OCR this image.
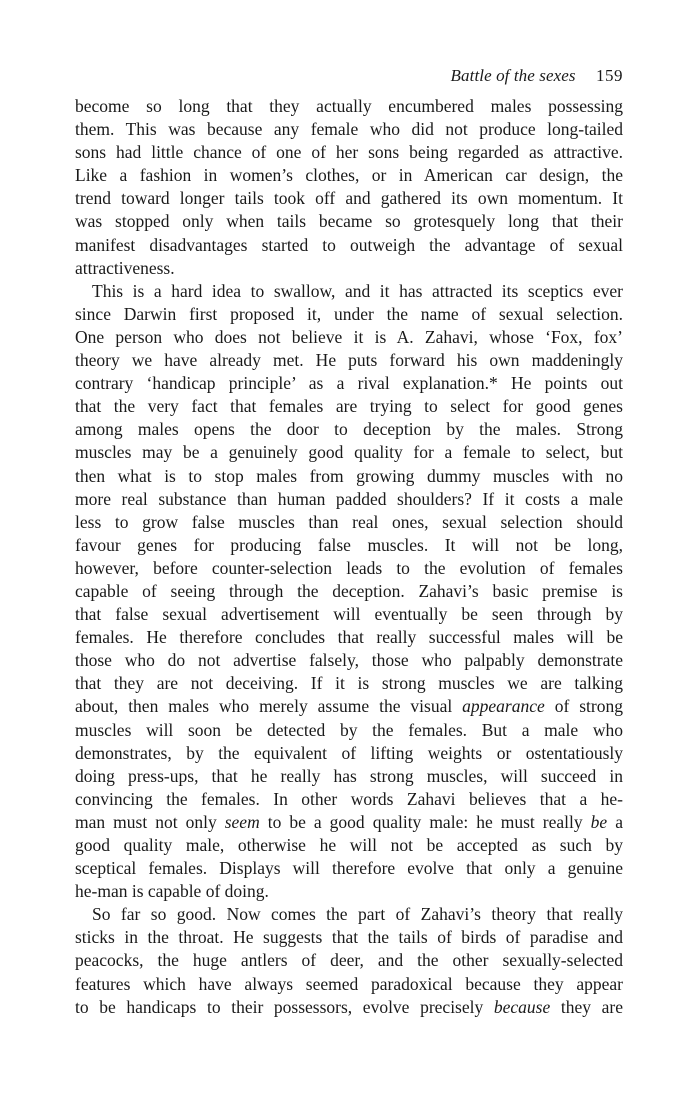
Battle of the sexes 159
become so long that they actually encumbered males possessing
them. This was because any female who did not produce long-tailed
sons had little chance of one of her sons being regarded as attractive.
Like a fashion in women’s clothes, or in American car design, the
trend toward longer tails took off and gathered its own momentum. It
was stopped only when tails became so grotesquely long that their
manifest disadvantages started to outweigh the advantage of sexual
attractiveness.
This is a hard idea to swallow, and it has attracted its sceptics ever
since Darwin first proposed it, under the name of sexual selection.
One person who does not believe it is A. Zahavi, whose ‘Fox, fox’
theory we have already met. He puts forward his own maddeningly
contrary ‘handicap principle’ as a rival explanation.* He points out
that the very fact that females are trying to select for good genes
among males opens the door to deception by the males. Strong
muscles may be a genuinely good quality for a female to select, but
then what is to stop males from growing dummy muscles with no
more real substance than human padded shoulders? If it costs a male
less to grow false muscles than real ones, sexual selection should
favour genes for producing false muscles. It will not be long,
however, before counter-selection leads to the evolution of females
capable of seeing through the deception. Zahavi’s basic premise is
that false sexual advertisement will eventually be seen through by
females. He therefore concludes that really successful males will be
those who do not advertise falsely, those who palpably demonstrate
that they are not deceiving. If it is strong muscles we are talking
about, then males who merely assume the visual appearance of strong
muscles will soon be detected by the females. But a male who
demonstrates, by the equivalent of lifting weights or ostentatiously
doing press-ups, that he really has strong muscles, will succeed in
convincing the females. In other words Zahavi believes that a he-
man must not only seem to be a good quality male: he must really be a
good quality male, otherwise he will not be accepted as such by
sceptical females. Displays will therefore evolve that only a genuine
he-man is capable of doing.
So far so good. Now comes the part of Zahavi’s theory that really
sticks in the throat. He suggests that the tails of birds of paradise and
peacocks, the huge antlers of deer, and the other sexually-selected
features which have always seemed paradoxical because they appear
to be handicaps to their possessors, evolve precisely because they are
